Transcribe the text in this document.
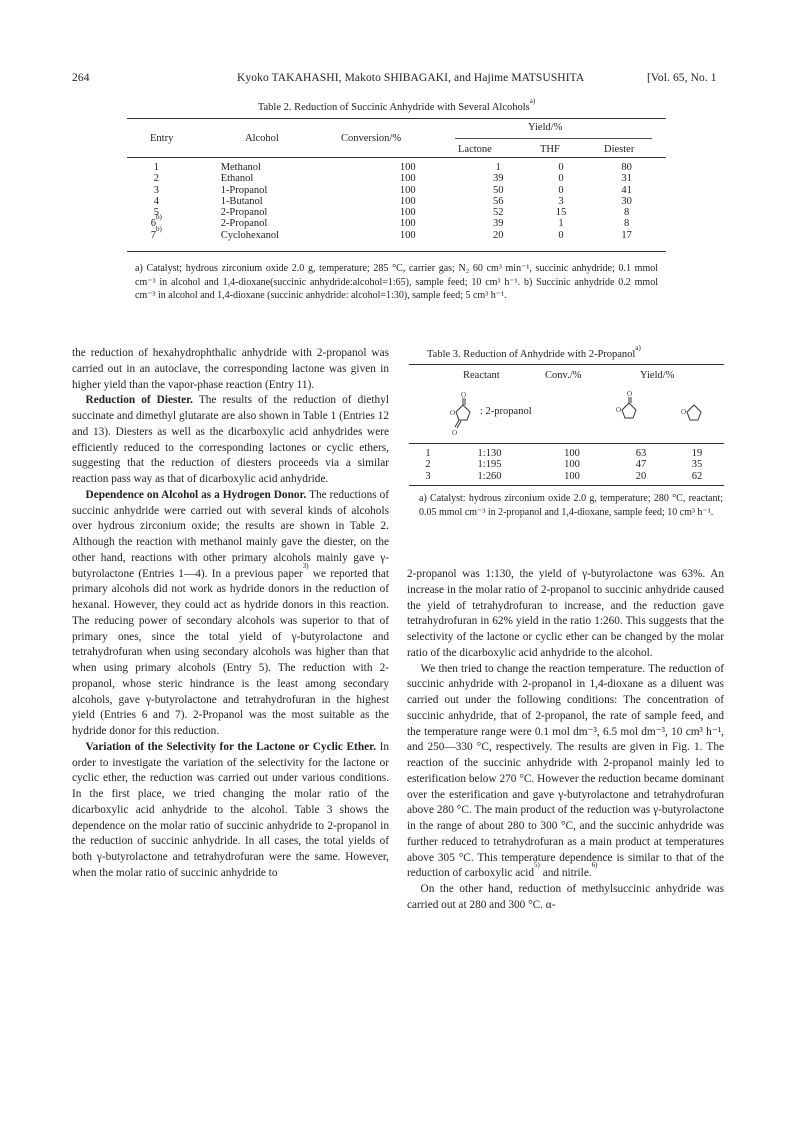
264	Kyoko TAKAHASHI, Makoto SHIBAGAKI, and Hajime MATSUSHITA	[Vol. 65, No. 1
Table 2. Reduction of Succinic Anhydride with Several Alcohols$^{a)}$
Entry	Alcohol	Conversion/%
Yield/%
Lactone	THF	Diester
1	Methanol	100	1	0	80
2	Ethanol	100	39	0	31
3	1-Propanol	100	50	0	41
4	1-Butanol	100	56	3	30
5	2-Propanol	100	52	15	8
6$^{b)}$	2-Propanol	100	39	1	8
7$^{b)}$	Cyclohexanol	100	20	0	17
a) Catalyst; hydrous zirconium oxide 2.0 g, temperature; 285 °C, carrier gas; N₂ 60 cm³ min⁻¹, succinic anhydride; 0.1 mmol cm⁻³ in alcohol and 1,4-dioxane(succinic anhydride:alcohol=1:65), sample feed; 10 cm³ h⁻¹. b) Succinic anhydride 0.2 mmol cm⁻³ in alcohol and 1,4-dioxane (succinic anhydride: alcohol=1:30), sample feed; 5 cm³ h⁻¹.

the reduction of hexahydrophthalic anhydride with 2-propanol was carried out in an autoclave, the corresponding lactone was given in higher yield than the vapor-phase reaction (Entry 11).

Reduction of Diester. The results of the reduction of diethyl succinate and dimethyl glutarate are also shown in Table 1 (Entries 12 and 13). Diesters as well as the dicarboxylic acid anhydrides were efficiently reduced to the corresponding lactones or cyclic ethers, suggesting that the reduction of diesters proceeds via a similar reaction pass way as that of dicarboxylic acid anhydride.

Dependence on Alcohol as a Hydrogen Donor. The reductions of succinic anhydride were carried out with several kinds of alcohols over hydrous zirconium oxide; the results are shown in Table 2. Although the reaction with methanol mainly gave the diester, on the other hand, reactions with other primary alcohols mainly gave γ-butyrolactone (Entries 1—4). In a previous paper$^{3)}$ we reported that primary alcohols did not work as hydride donors in the reduction of hexanal. However, they could act as hydride donors in this reaction. The reducing power of secondary alcohols was superior to that of primary ones, since the total yield of γ-butyrolactone and tetrahydrofuran when using secondary alcohols was higher than that when using primary alcohols (Entry 5). The reduction with 2-propanol, whose steric hindrance is the least among secondary alcohols, gave γ-butyrolactone and tetrahydrofuran in the highest yield (Entries 6 and 7). 2-Propanol was the most suitable as the hydride donor for this reduction.

Variation of the Selectivity for the Lactone or Cyclic Ether. In order to investigate the variation of the selectivity for the lactone or cyclic ether, the reduction was carried out under various conditions. In the first place, we tried changing the molar ratio of the dicarboxylic acid anhydride to the alcohol. Table 3 shows the dependence on the molar ratio of succinic anhydride to 2-propanol in the reduction of succinic anhydride. In all cases, the total yields of both γ-butyrolactone and tetrahydrofuran were the same. However, when the molar ratio of succinic anhydride to

Table 3. Reduction of Anhydride with 2-Propanol$^{a)}$
Reactant	Conv./%	Yield/%
O
O
O
: 2-propanol
O
O	O
1	1:130	100	63	19
2	1:195	100	47	35
3	1:260	100	20	62
a) Catalyst: hydrous zirconium oxide 2.0 g, temperature; 280 °C, reactant; 0.05 mmol cm⁻³ in 2-propanol and 1,4-dioxane, sample feed; 10 cm³ h⁻¹.

2-propanol was 1:130, the yield of γ-butyrolactone was 63%. An increase in the molar ratio of 2-propanol to succinic anhydride caused the yield of tetrahydrofuran to increase, and the reduction gave tetrahydrofuran in 62% yield in the ratio 1:260. This suggests that the selectivity of the lactone or cyclic ether can be changed by the molar ratio of the dicarboxylic acid anhydride to the alcohol.

We then tried to change the reaction temperature. The reduction of succinic anhydride with 2-propanol in 1,4-dioxane as a diluent was carried out under the following conditions: The concentration of succinic anhydride, that of 2-propanol, the rate of sample feed, and the temperature range were 0.1 mol dm⁻³, 6.5 mol dm⁻³, 10 cm³ h⁻¹, and 250—330 °C, respectively. The results are given in Fig. 1. The reaction of the succinic anhydride with 2-propanol mainly led to esterification below 270 °C. However the reduction became dominant over the esterification and gave γ-butyrolactone and tetrahydrofuran above 280 °C. The main product of the reduction was γ-butyrolactone in the range of about 280 to 300 °C, and the succinic anhydride was further reduced to tetrahydrofuran as a main product at temperatures above 305 °C. This temperature dependence is similar to that of the reduction of carboxylic acid$^{5)}$ and nitrile.$^{6)}$

On the other hand, reduction of methylsuccinic anhydride was carried out at 280 and 300 °C. α-
